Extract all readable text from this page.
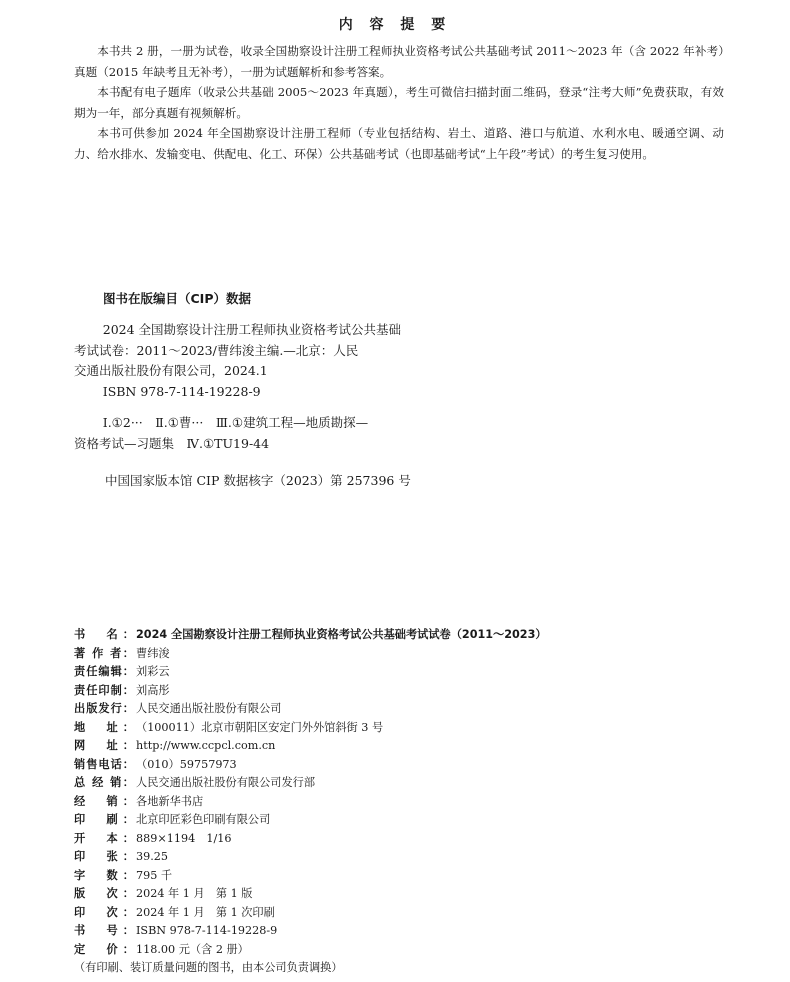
内 容 提 要

本书共 2 册，一册为试卷，收录全国勘察设计注册工程师执业资格考试公共基础考试 2011～2023 年（含 2022 年补考）真题（2015 年缺考且无补考），一册为试题解析和参考答案。

本书配有电子题库（收录公共基础 2005～2023 年真题），考生可微信扫描封面二维码，登录“注考大师”免费获取，有效期为一年，部分真题有视频解析。

本书可供参加 2024 年全国勘察设计注册工程师（专业包括结构、岩土、道路、港口与航道、水利水电、暖通空调、动力、给水排水、发输变电、供配电、化工、环保）公共基础考试（也即基础考试“上午段”考试）的考生复习使用。

图书在版编目（CIP）数据

2024 全国勘察设计注册工程师执业资格考试公共基础

考试试卷：2011～2023/曹纬浚主编.—北京：人民

交通出版社股份有限公司，2024.1

ISBN 978-7-114-19228-9

Ⅰ.①2···　Ⅱ.①曹···　Ⅲ.①建筑工程—地质勘探—

资格考试—习题集　Ⅳ.①TU19-44

中国国家版本馆 CIP 数据核字（2023）第 257396 号
书　名： 2024 全国勘察设计注册工程师执业资格考试公共基础考试试卷（2011～2023）
著 作 者： 曹纬浚
责任编辑： 刘彩云
责任印制： 刘高彤
出版发行： 人民交通出版社股份有限公司
地　址： （100011）北京市朝阳区安定门外外馆斜街 3 号
网　址： http://www.ccpcl.com.cn
销售电话： （010）59757973
总 经 销： 人民交通出版社股份有限公司发行部
经　销： 各地新华书店
印　刷： 北京印匠彩色印刷有限公司
开　本： 889×1194　1/16
印　张： 39.25
字　数： 795 千
版　次： 2024 年 1 月　第 1 版
印　次： 2024 年 1 月　第 1 次印刷
书　号： ISBN 978-7-114-19228-9
定　价： 118.00 元（含 2 册）
（有印刷、装订质量问题的图书，由本公司负责调换）
